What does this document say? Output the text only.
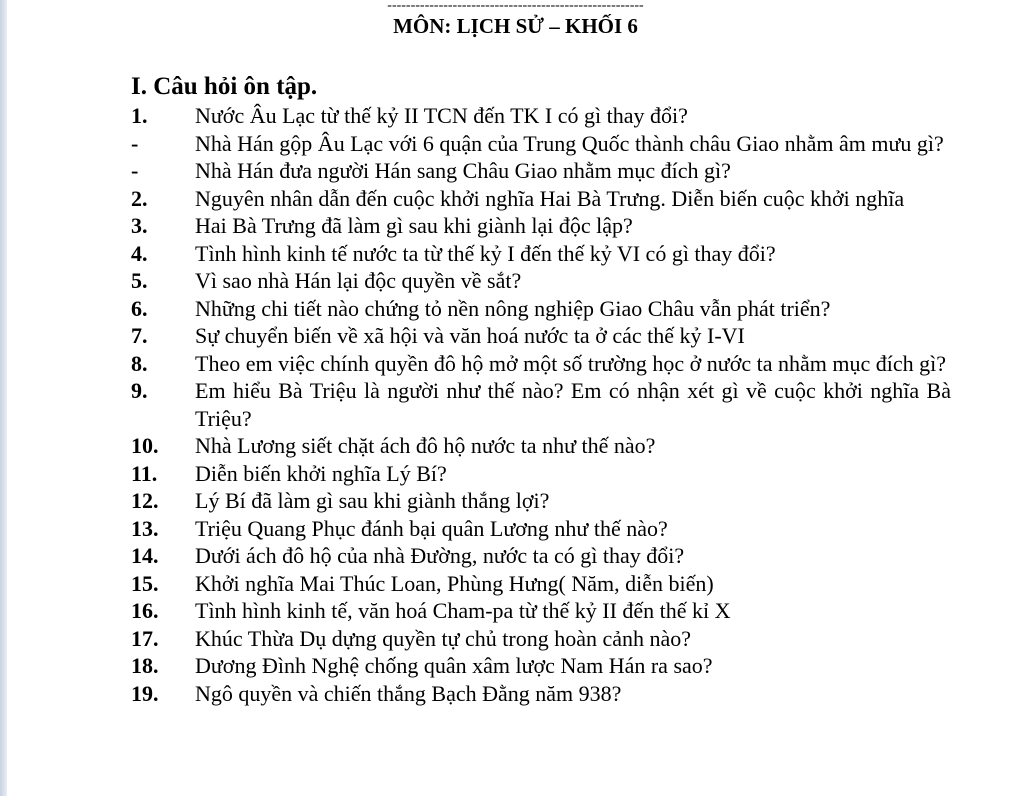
-------------------------------------------------------
MÔN: LỊCH SỬ – KHỐI 6
I. Câu hỏi ôn tập.
1.	Nước Âu Lạc từ thế kỷ II TCN đến TK I có gì thay đổi?
-	Nhà Hán gộp Âu Lạc với 6 quận của Trung Quốc thành châu Giao nhằm âm mưu gì?
-	Nhà Hán đưa người Hán sang Châu Giao nhằm mục đích gì?
2.	Nguyên nhân dẫn đến cuộc khởi nghĩa Hai Bà Trưng. Diễn biến cuộc khởi nghĩa
3.	Hai Bà Trưng đã làm gì sau khi giành lại độc lập?
4.	Tình hình kinh tế nước ta từ thế kỷ I đến thế kỷ VI có gì thay đổi?
5.	Vì sao nhà Hán lại độc quyền về sắt?
6.	Những chi tiết nào chứng tỏ nền nông nghiệp Giao Châu vẫn phát triển?
7.	Sự chuyển biến về xã hội và văn hoá nước ta ở các thế kỷ I-VI
8.	Theo em việc chính quyền đô hộ mở một số trường học ở nước ta nhằm mục đích gì?
9.	Em hiểu Bà Triệu là người như thế nào? Em có nhận xét gì về cuộc khởi nghĩa Bà Triệu?
10.	Nhà Lương siết chặt ách đô hộ nước ta như thế nào?
11.	Diễn biến khởi nghĩa Lý Bí?
12.	Lý Bí đã làm gì sau khi giành thắng lợi?
13.	Triệu Quang Phục đánh bại quân Lương như thế nào?
14.	Dưới ách đô hộ của nhà Đường, nước ta có gì thay đổi?
15.	Khởi nghĩa Mai Thúc Loan, Phùng Hưng( Năm, diễn biến)
16.	Tình hình kinh tế, văn hoá Cham-pa từ thế kỷ II đến thế kỉ X
17.	Khúc Thừa Dụ dựng quyền tự chủ trong hoàn cảnh nào?
18.	Dương Đình Nghệ chống quân xâm lược Nam Hán ra sao?
19.	Ngô quyền và chiến thắng Bạch Đằng năm 938?
